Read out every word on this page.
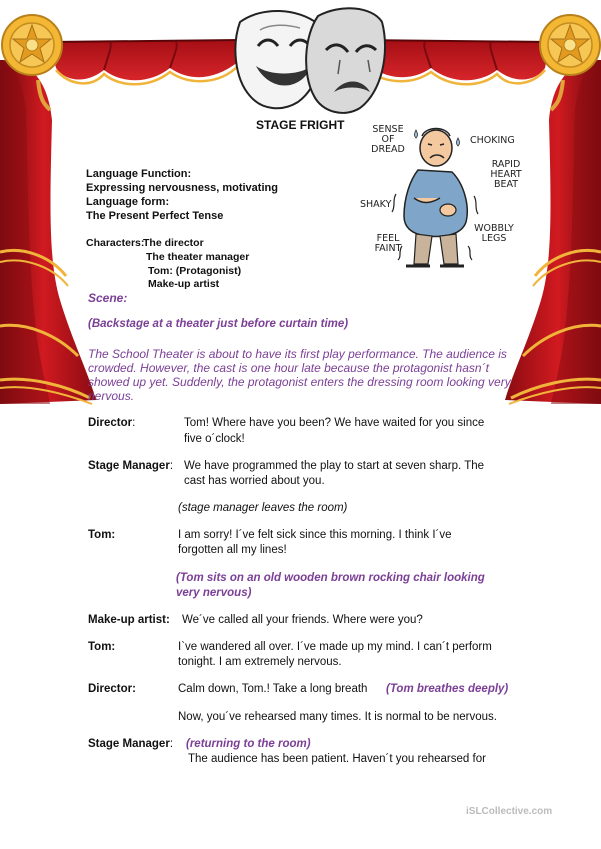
STAGE FRIGHT	SENSE
OF
DREAD
CHOKING
RAPID
HEART
BEAT
SHAKY
WOBBLY
LEGS
FEEL
FAINT
Language Function:
Expressing nervousness, motivating
Language form:
The Present Perfect Tense
Characters:
The director
The theater manager
Tom: (Protagonist)
Make-up artist
Scene:
(Backstage at a theater just before curtain time)
The School Theater is about to have its first play performance. The audience is
crowded. However, the cast is one hour late because the protagonist hasn´t
showed up yet. Suddenly, the protagonist enters the dressing room looking very
nervous.
Director:	Tom! Where have you been? We have waited for you since
five o´clock!
Stage Manager: We have programmed the play to start at seven sharp. The
cast has worried about you.
(stage manager leaves the room)
Tom:	I am sorry! I´ve felt sick since this morning. I think I´ve
forgotten all my lines!
(Tom sits on an old wooden brown rocking chair looking
very nervous)
Make-up artist: We´ve called all your friends. Where were you?
Tom:	I`ve wandered all over. I´ve made up my mind. I can´t perform
tonight. I am extremely nervous.
Director:	Calm down, Tom.! Take a long breath (Tom breathes deeply)
Now, you´ve rehearsed many times. It is normal to be nervous.
Stage Manager: (returning to the room)
The audience has been patient. Haven´t you rehearsed for
iSLCollective.com
